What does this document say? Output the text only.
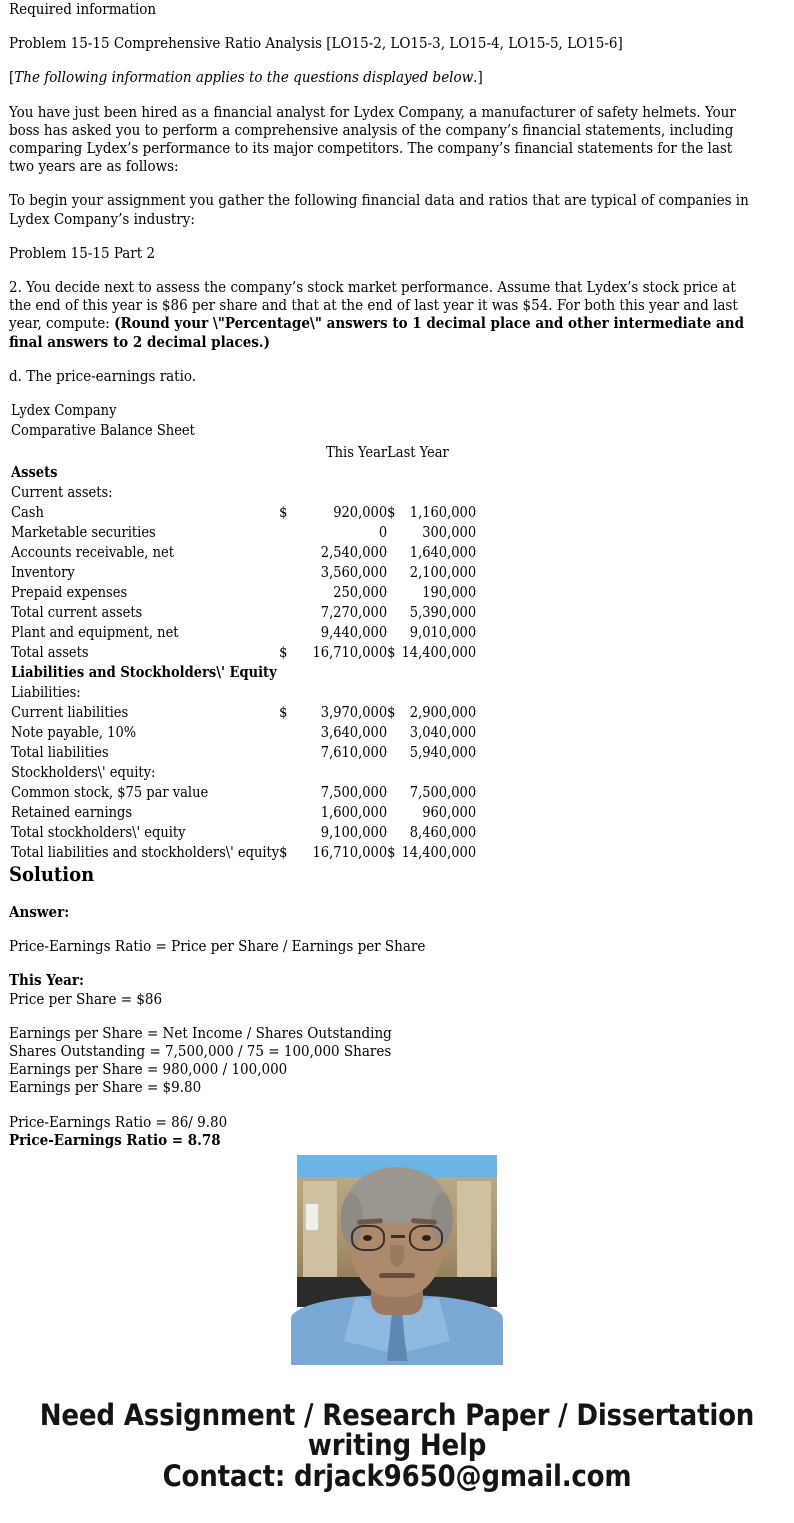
Required information

Problem 15-15 Comprehensive Ratio Analysis [LO15-2, LO15-3, LO15-4, LO15-5, LO15-6]

[The following information applies to the questions displayed below.]

You have just been hired as a financial analyst for Lydex Company, a manufacturer of safety helmets. Your boss has asked you to perform a comprehensive analysis of the company’s financial statements, including comparing Lydex’s performance to its major competitors. The company’s financial statements for the last two years are as follows:

To begin your assignment you gather the following financial data and ratios that are typical of companies in Lydex Company’s industry:

Problem 15-15 Part 2

2. You decide next to assess the company’s stock market performance. Assume that Lydex’s stock price at the end of this year is $86 per share and that at the end of last year it was $54. For both this year and last year, compute: (Round your \"Percentage\" answers to 1 decimal place and other intermediate and final answers to 2 decimal places.)

d. The price-earnings ratio.

Lydex Company
Comparative Balance Sheet
		This Year	Last Year	
Assets				
Current assets:				
Cash	$	920,000	$	1,160,000
Marketable securities		0		300,000
Accounts receivable, net		2,540,000		1,640,000
Inventory		3,560,000		2,100,000
Prepaid expenses		250,000		190,000
Total current assets		7,270,000		5,390,000
Plant and equipment, net		9,440,000		9,010,000
Total assets	$	16,710,000	$	14,400,000
Liabilities and Stockholders\' Equity				
Liabilities:				
Current liabilities	$	3,970,000	$	2,900,000
Note payable, 10%		3,640,000		3,040,000
Total liabilities		7,610,000		5,940,000
Stockholders\' equity:				
Common stock, $75 par value		7,500,000		7,500,000
Retained earnings		1,600,000		960,000
Total stockholders\' equity		9,100,000		8,460,000
Total liabilities and stockholders\' equity	$	16,710,000	$	14,400,000
Solution

Answer:

Price-Earnings Ratio = Price per Share / Earnings per Share

This Year:
Price per Share = $86

Earnings per Share = Net Income / Shares Outstanding
Shares Outstanding = 7,500,000 / 75 = 100,000 Shares
Earnings per Share = 980,000 / 100,000
Earnings per Share = $9.80

Price-Earnings Ratio = 86/ 9.80
Price-Earnings Ratio = 8.78

Need Assignment / Research Paper / Dissertation
writing Help
Contact: drjack9650@gmail.com
